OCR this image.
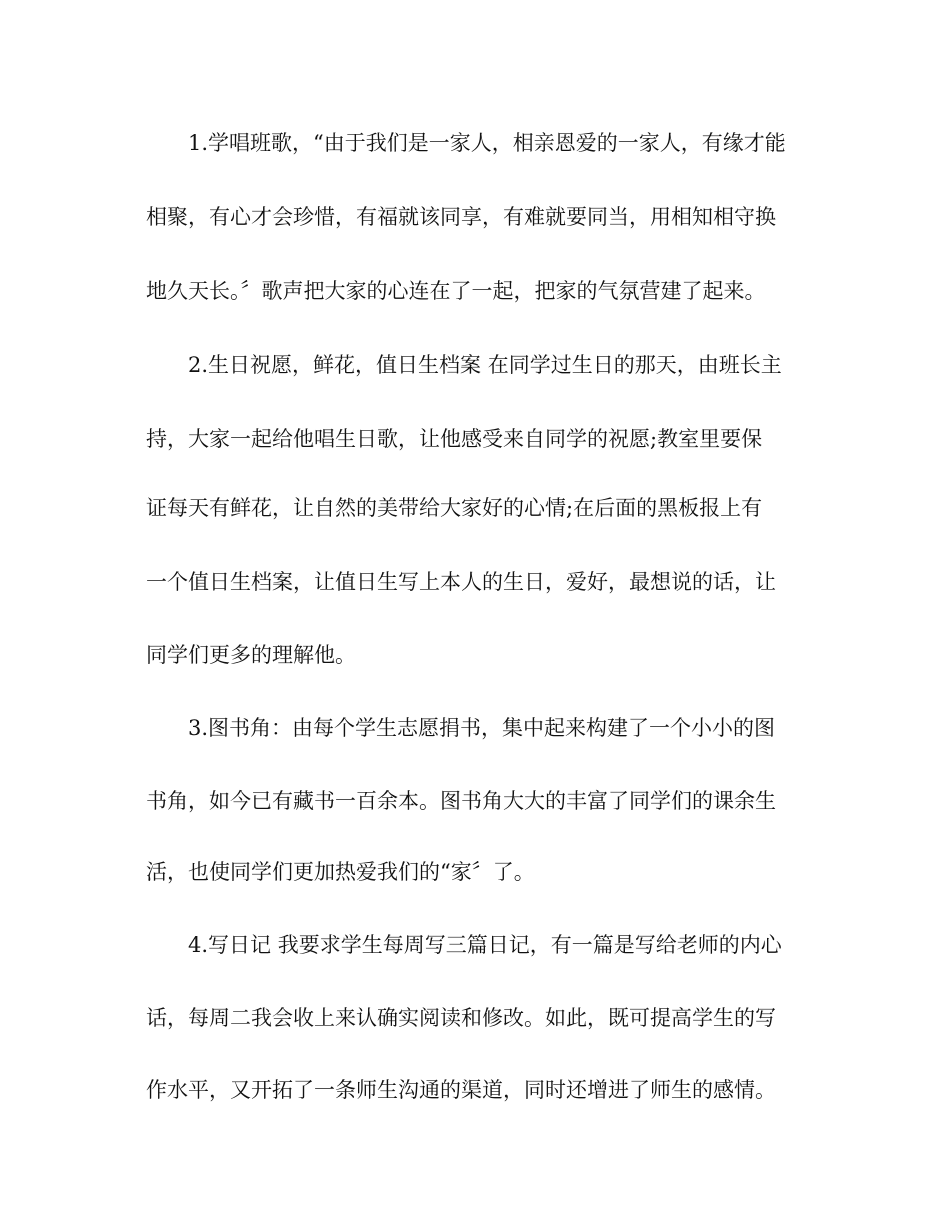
1.学唱班歌，“由于我们是一家人，相亲恩爱的一家人，有缘才能
相聚，有心才会珍惜，有福就该同享，有难就要同当，用相知相守换
地久天长。〞歌声把大家的心连在了一起，把家的气氛营建了起来。
2.生日祝愿，鲜花，值日生档案 在同学过生日的那天，由班长主
持，大家一起给他唱生日歌，让他感受来自同学的祝愿;教室里要保
证每天有鲜花，让自然的美带给大家好的心情;在后面的黑板报上有
一个值日生档案，让值日生写上本人的生日，爱好，最想说的话，让
同学们更多的理解他。
3.图书角：由每个学生志愿捐书，集中起来构建了一个小小的图
书角，如今已有藏书一百余本。图书角大大的丰富了同学们的课余生
活，也使同学们更加热爱我们的“家〞了。
4.写日记 我要求学生每周写三篇日记，有一篇是写给老师的内心
话，每周二我会收上来认确实阅读和修改。如此，既可提高学生的写
作水平，又开拓了一条师生沟通的渠道，同时还增进了师生的感情。
